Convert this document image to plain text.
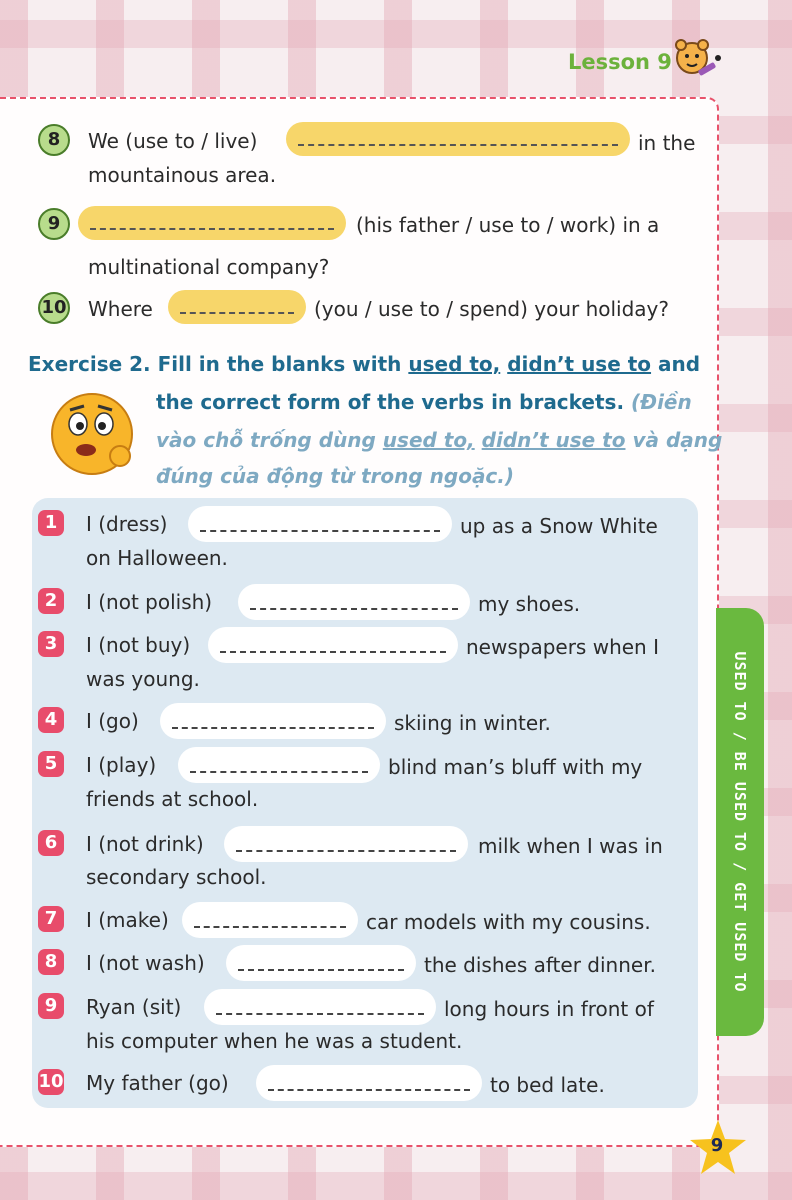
Lesson 9
8	We (use to / live)	in the
mountainous area.
9	(his father / use to / work) in a
multinational company?
10 Where	(you / use to / spend) your holiday?
Exercise 2. Fill in the blanks with used to, didn’t use to and
the correct form of the verbs in brackets. (Điền
vào chỗ trống dùng used to, didn’t use to và dạng
đúng của động từ trong ngoặc.)
1	I (dress)	up as a Snow White
on Halloween.
2	I (not polish)	my shoes.
3	I (not buy)	newspapers when I
was young.
4	I (go)	skiing in winter.
5	I (play)	blind man’s bluff with my
friends at school.
6	I (not drink)	milk when I was in
secondary school.
7	I (make)	car models with my cousins.
8	I (not wash)	the dishes after dinner.
9	Ryan (sit)	long hours in front of
his computer when he was a student.
10 My father (go)	to bed late.
USED TO / BE USED TO / GET USED TO
9
